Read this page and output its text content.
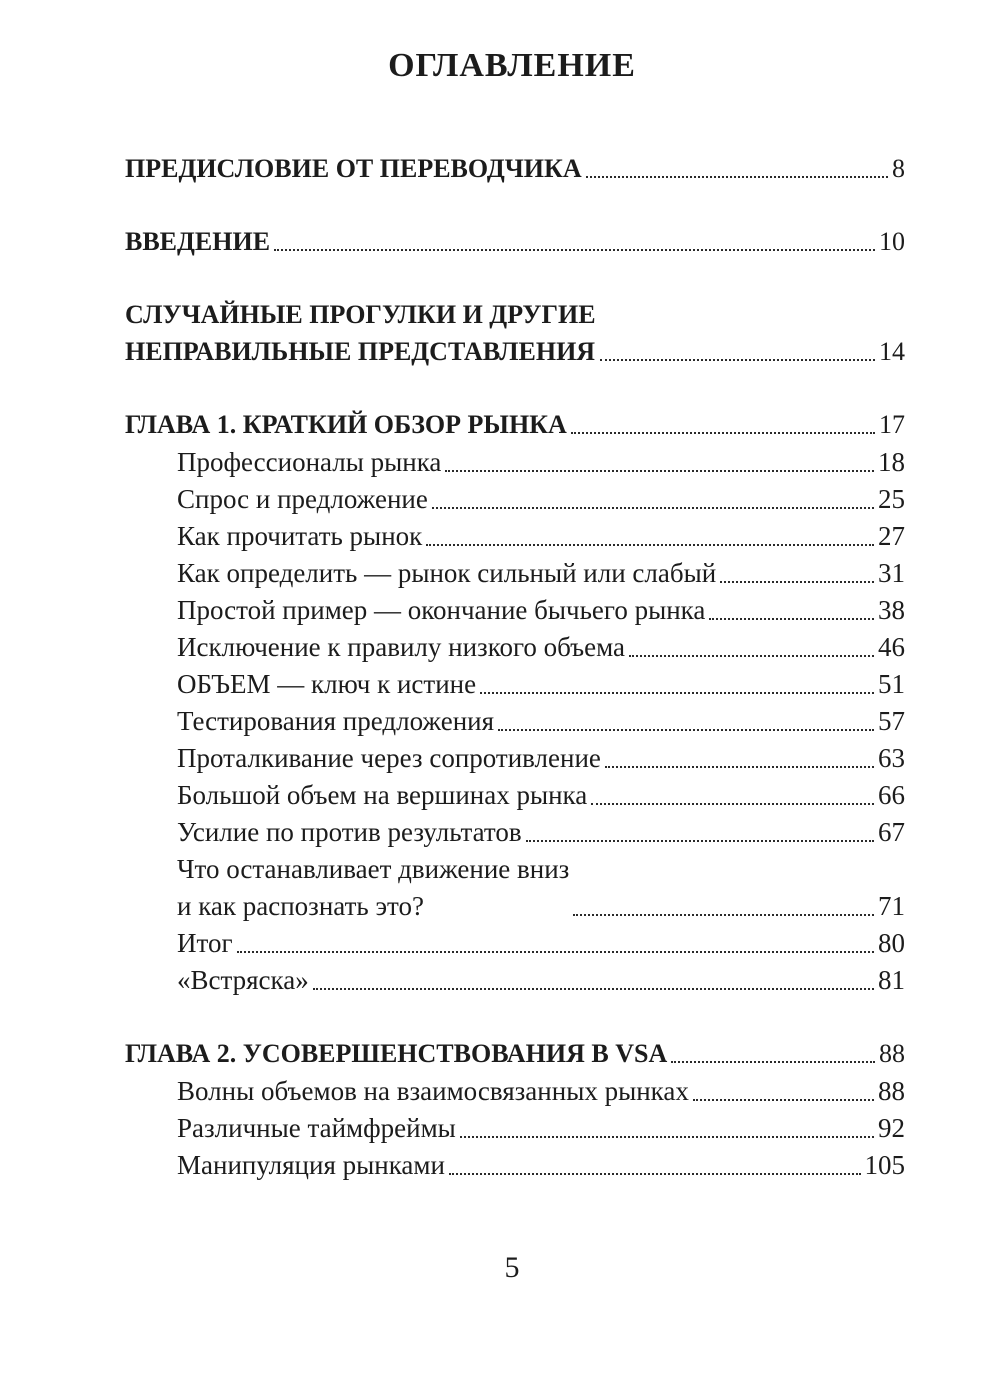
ОГЛАВЛЕНИЕ
ПРЕДИСЛОВИЕ ОТ ПЕРЕВОДЧИКА	8
ВВЕДЕНИЕ	10
СЛУЧАЙНЫЕ ПРОГУЛКИ И ДРУГИЕ
НЕПРАВИЛЬНЫЕ ПРЕДСТАВЛЕНИЯ	14
ГЛАВА 1. КРАТКИЙ ОБЗОР РЫНКА	17
Профессионалы рынка	18
Спрос и предложение	25
Как прочитать рынок	27
Как определить — рынок сильный или слабый	31
Простой пример — окончание бычьего рынка	38
Исключение к правилу низкого объема	46
ОБЪЕМ — ключ к истине	51
Тестирования предложения	57
Проталкивание через сопротивление	63
Большой объем на вершинах рынка	66
Усилие по против результатов	67
Что останавливает движение вниз
и как распознать это?	71
Итог	80
«Встряска»	81
ГЛАВА 2. УСОВЕРШЕНСТВОВАНИЯ В VSA	88
Волны объемов на взаимосвязанных рынках	88
Различные таймфреймы	92
Манипуляция рынками	105
5
